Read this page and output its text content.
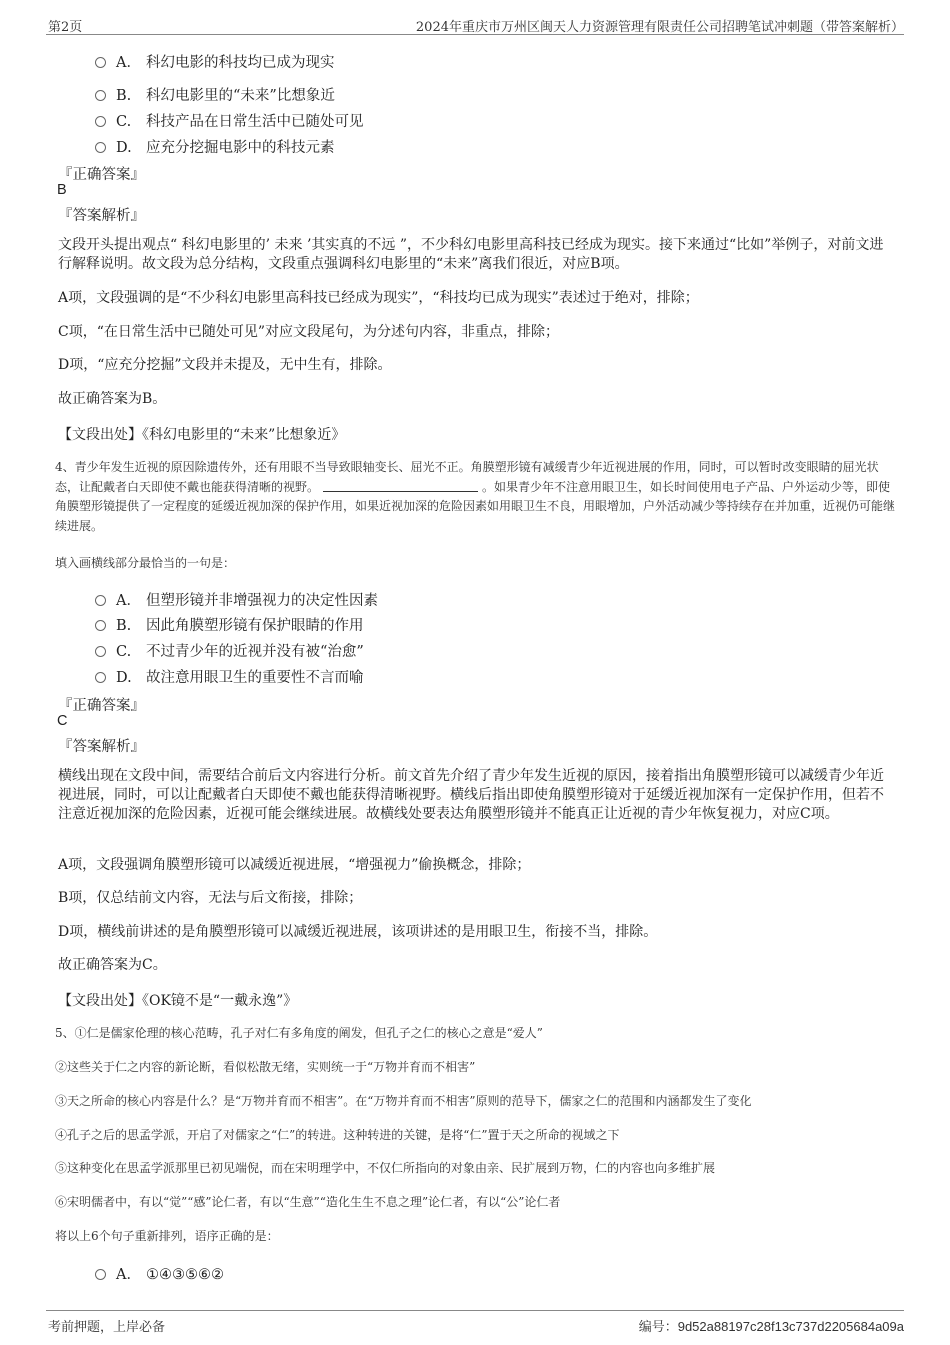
第2页	2024年重庆市万州区闽天人力资源管理有限责任公司招聘笔试冲刺题（带答案解析）
A． 科幻电影的科技均已成为现实
B. 科幻电影里的“未来”比想象近
C. 科技产品在日常生活中已随处可见
D. 应充分挖掘电影中的科技元素
『正确答案』
B
『答案解析』
文段开头提出观点“ 科幻电影里的’ 未来 ’其实真的不远 ”，不少科幻电影里高科技已经成为现实。接下来通过“比如”举例子，对前文进行解释说明。故文段为总分结构，文段重点强调科幻电影里的“未来”离我们很近，对应B项。
A项，文段强调的是“不少科幻电影里高科技已经成为现实”，“科技均已成为现实”表述过于绝对，排除；
C项，“在日常生活中已随处可见”对应文段尾句，为分述句内容，非重点，排除；
D项，“应充分挖掘”文段并未提及，无中生有，排除。
故正确答案为B。
【文段出处】《科幻电影里的“未来”比想象近》
4、青少年发生近视的原因除遗传外，还有用眼不当导致眼轴变长、屈光不正。角膜塑形镜有减缓青少年近视进展的作用，同时，可以暂时改变眼睛的屈光状态，让配戴者白天即使不戴也能获得清晰的视野。	。如果青少年不注意用眼卫生，如长时间使用电子产品、户外运动少等，即使角膜塑形镜提供了一定程度的延缓近视加深的保护作用，如果近视加深的危险因素如用眼卫生不良，用眼增加，户外活动减少等持续存在并加重，近视仍可能继续进展。
填入画横线部分最恰当的一句是：
A． 但塑形镜并非增强视力的决定性因素
B. 因此角膜塑形镜有保护眼睛的作用
C. 不过青少年的近视并没有被“治愈”
D. 故注意用眼卫生的重要性不言而喻
『正确答案』
C
『答案解析』
横线出现在文段中间，需要结合前后文内容进行分析。前文首先介绍了青少年发生近视的原因，接着指出角膜塑形镜可以减缓青少年近视进展，同时，可以让配戴者白天即使不戴也能获得清晰视野。横线后指出即使角膜塑形镜对于延缓近视加深有一定保护作用，但若不注意近视加深的危险因素，近视可能会继续进展。故横线处要表达角膜塑形镜并不能真正让近视的青少年恢复视力，对应C项。
A项，文段强调角膜塑形镜可以减缓近视进展，“增强视力”偷换概念，排除；
B项，仅总结前文内容，无法与后文衔接，排除；
D项，横线前讲述的是角膜塑形镜可以减缓近视进展，该项讲述的是用眼卫生，衔接不当，排除。
故正确答案为C。
【文段出处】《OK镜不是“一戴永逸”》
5、①仁是儒家伦理的核心范畴，孔子对仁有多角度的阐发，但孔子之仁的核心之意是“爱人”
②这些关于仁之内容的新论断，看似松散无绪，实则统一于“万物并育而不相害”
③天之所命的核心内容是什么？是“万物并育而不相害”。在“万物并育而不相害”原则的范导下，儒家之仁的范围和内涵都发生了变化
④孔子之后的思孟学派，开启了对儒家之“仁”的转进。这种转进的关键，是将“仁”置于天之所命的视域之下
⑤这种变化在思孟学派那里已初见端倪，而在宋明理学中，不仅仁所指向的对象由亲、民扩展到万物，仁的内容也向多维扩展
⑥宋明儒者中，有以“觉”“感”论仁者，有以“生意”“造化生生不息之理”论仁者，有以“公”论仁者
将以上6个句子重新排列，语序正确的是：
A． ①④③⑤⑥②
考前押题，上岸必备	编号：9d52a88197c28f13c737d2205684a09a
